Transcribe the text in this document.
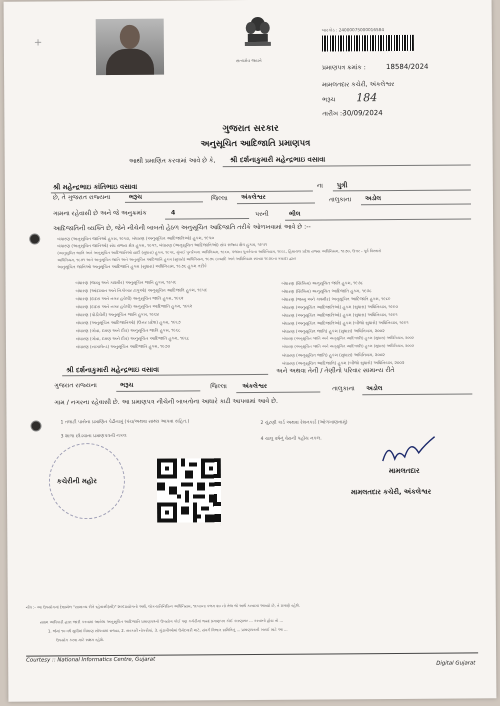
+
સત્યમેવ જયતે
બારકોડ : 24000075000016584
પ્રમાણપત્ર ક્રમાંક :	18584/2024
મામલતદાર કચેરી, અંકલેશ્વર
ભરૂચ 184
તારીખ :-
30/09/2024
ગુજરાત સરકાર
અનુસૂચિત આદિજાતિ પ્રમાણપત્ર
આથી પ્રમાણિત કરવામાં આવે છે કે, શ્રી દર્શનાકુમારી મહેન્દ્રભાઇ વસાવા
શ્રી મહેન્દ્રભાઇ કાંતિભાઇ વસાવા	ના પુત્રી
છે, તે ગુજરાત રાજ્યના	ભરૂચ	જિલ્લા અંકલેશ્વર	તાલુકાના અડોલ
ગામના રહેવાસી છે અને જે અનુક્રમાંક	4	પરની	ભીલ
આદિજાતિની વ્યક્તિ છે, જેને નીચેની બાબતો હેઠળ અનુસૂચિત આદિજાતિ તરીકે ઓળખવામાં આવે છે :--
બંધારણ (અનુસૂચિત જાતિઓ હુકમ, ૧૯૫૦, બંધારણ (અનુસૂચિત આદિજાતિઓ) હુકમ, ૧૯૫૦
બંધારણ (અનુસૂચિત જાતિઓ) સંઘ રાજ્ય ક્ષેત્ર હુકમ, ૧૯૫૧, બંધારણ (અનુસૂચિત આદિજાતિઓ) સંઘ રાજ્ય ક્ષેત્ર હુકમ, ૧૯૫૧
(અનુસૂચિત જાતિ અને અનુસૂચિત આદિજાતિઓ યાદી (સુધારા) હુકમ, ૧૯૫૬, મુંબઈ પુનર્રચના અધિનિયમ, ૧૯૬૦, પંજાબ પુનર્રચના અધિનિયમ, ૧૯૬૬, હિમાચલ પ્રદેશ રાજ્ય અધિનિયમ, ૧૯૭૦, ઉત્તર - પૂર્વ વિસ્તારો
અધિનિયમ, ૧૯૭૧ અને અનુસૂચિત જાતિ અને અનુસૂચિત આદિજાતિ હુકમ (સુધારો) અધિનિયમ, ૧૯૭૬ ઇત્યાદિ અને અધિનિયમ સંખ્યા ૧૯૭૬ના કાયદા દ્વારા
અનુસૂચિત જાતિઓ અનુસૂચિત આદિજાતિ હુકમ (સુધારા) અધિનિયમ, ૧૯૭૬ હુકમ તરીકે
બંધારણ (જમ્મુ અને કાશ્મીર) અનુસૂચિત જાતિ હુકમ, ૧૯૫૬
બંધારણ (આંદામાન અને નિકોબાર ટાપુઓ) અનુસૂચિત આદિજાતિ હુકમ, ૧૯૫૯
બંધારણ (દાદરા અને નગર હવેલી) અનુસૂચિત જાતિ હુકમ, ૧૯૬૨
બંધારણ (દાદરા અને નગર હવેલી) અનુસૂચિત આદિજાતિ હુકમ, ૧૯૬૨
બંધારણ (પોંડીચેરી) અનુસૂચિત જાતિ હુકમ, ૧૯૬૪
બંધારણ (અનુસૂચિત આદિજાતિઓ) (ઉત્તર પ્રદેશ) હુકમ, ૧૯૬૭
બંધારણ (ગોવા, દમણ અને દીવ) અનુસૂચિત જાતિ હુકમ, ૧૯૬૮
બંધારણ (ગોવા, દમણ અને દીવ) અનુસૂચિત આદિજાતિ હુકમ, ૧૯૬૮
બંધારણ (નાગાલેન્ડ) અનુસૂચિત આદિજાતિ હુકમ, ૧૯૭૦
બંધારણ (સિક્કિમ) અનુસૂચિત જાતિ હુકમ, ૧૯૭૮
બંધારણ (સિક્કિમ) અનુસૂચિત આદિજાતિ હુકમ, ૧૯૭૮
બંધારણ (જમ્મુ અને કાશ્મીર) અનુસૂચિત આદિજાતિ હુકમ, ૧૯૮૯
બંધારણ (અનુસૂચિત આદિજાતિઓ) હુકમ (સુધારા) અધિનિયમ, ૧૯૯૦
બંધારણ (અનુસૂચિત આદિજાતિઓ) હુકમ (સુધારા) અધિનિયમ, ૧૯૯૧
બંધારણ (અનુસૂચિત આદિજાતિઓ) હુકમ (બીજો સુધારો) અધિનિયમ, ૧૯૯૧
બંધારણ (અનુસૂચિત જાતિ) હુકમ (સુધારા) અધિનિયમ, ૨૦૦૨
બંધારણ (અનુસૂચિત જાતિ અને અનુસૂચિત આદિજાતિ) હુકમ (સુધારા) અધિનિયમ, ૨૦૦૨
બંધારણ (અનુસૂચિત જાતિ અને અનુસૂચિત આદિજાતિ) હુકમ (સુધારા) અધિનિયમ, ૨૦૦૨
બંધારણ (અનુસૂચિત જાતિ) હુકમ (સુધારા) અધિનિયમ, ૨૦૦૨
બંધારણ (અનુસૂચિત આદિજાતિ) હુકમ (બીજો સુધારો) અધિનિયમ, ૨૦૦૨
શ્રી દર્શનાકુમારી મહેન્દ્રભાઇ વસાવા	અને અથવા તેની / તેણીનો પરિવાર સામાન્ય રીતે
ગુજરાત રાજ્યના	ભરૂચ	જિલ્લા અંકલેશ્વર	તાલુકાના અડોલ
ગામ / નગરના રહેવાસી છે. આ પ્રમાણપત્ર નીચેની બાબતોના આધારે કાઢી આપવામાં આવે છે.
1 તલાટી પાસેના પ્રમાણિત પેઢીનામું (પંચ/અથવા સાથ્ય આપવા સહિત.)	2 ચુંટણી કાર્ડ અથવા રેશનકાર્ડ (ઓળખાણનામું)
3 શાળા છોડવાના પ્રમાણપત્રની નકલ	4 ચાલુ વર્ષનું વેરાની પહોંચ નકલ.
કચેરીની મહોર
મામલતદાર
મામલતદાર કચેરી, અંકલેશ્વર
નોંધ :- આ ઉપયોગમાં દેશાયેલ "સામાન્ય રીતે રહેવાસી(સી)" શબ્દપ્રયોગનો અર્થ, લોક-પ્રતિનિધિત્વ અધિનિયમ, ૧૯૫૦ના કલમ ૨૦ નો તેજ જે અર્થ કરવામાં આવ્યો છે, તે પ્રમાણે રહેશે.
સક્ષમ અધિકારી દ્વારા જારી કરવામાં આવેલા અનુસૂચિત આદિજાતિ પ્રમાણપત્રનો ઉપયોગ કોઈ પણ કચેરીમાં જ્યાં પ્રમાણપત્ર કોઈ કારણસર ... કરવાનો હોય તો ...
1. જેમાં ૧૦ વર્ષ સુધીમાં વિમાણ સોંપવામાં રાજ્ય, 2. સરકારી નોકરીમાં, 3. મુંડામીઓમાં ઉમેદવારી માટે, સંવર્ગ વિભાગ સમિતિનું ... પ્રમાણપત્રની ખરાઈ માટે આ ...
ઉપયોગ કરવા માટે સક્ષમ રહેશે.
Courtesy :: National Informatics Centre, Gujarat
Digital Gujarat
